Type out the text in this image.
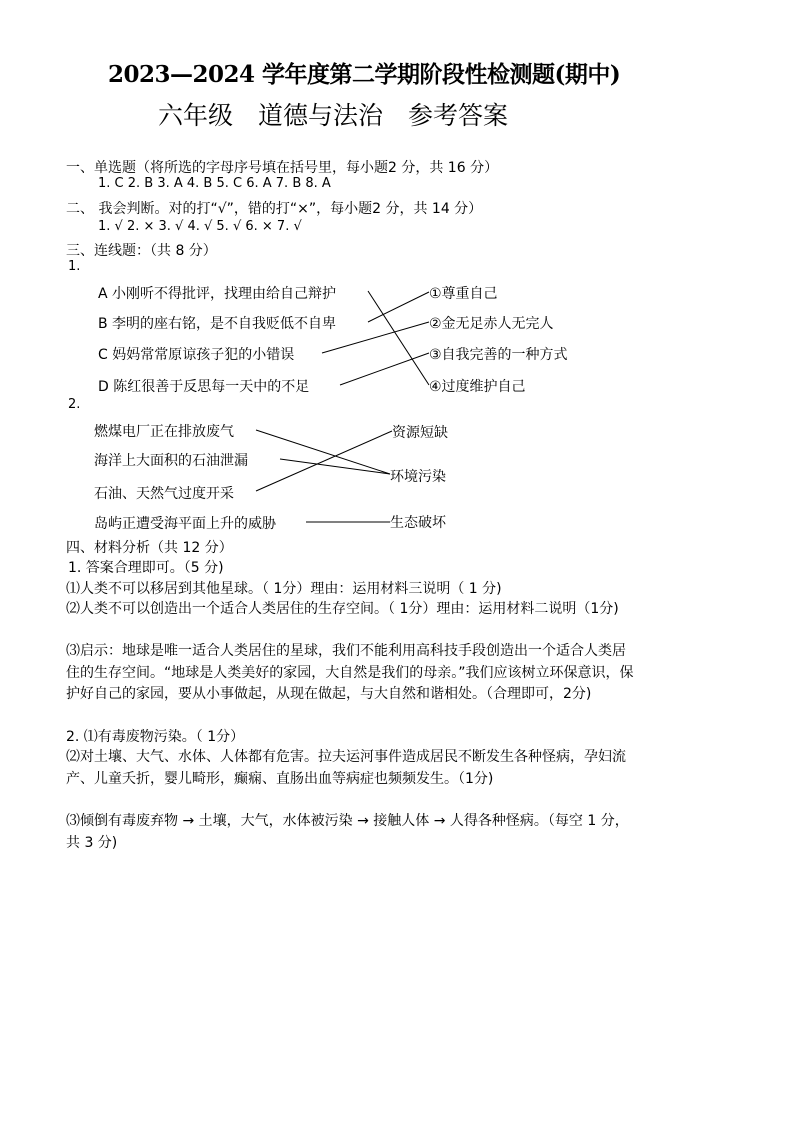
2023—2024 学年度第二学期阶段性检测题(期中)
六年级　道德与法治　参考答案
一、单选题（将所选的字母序号填在括号里，每小题2 分，共 16 分）
1. C 2. B 3. A 4. B 5. C 6. A 7. B 8. A
二、 我会判断。对的打“√”，错的打“×”，每小题2 分，共 14 分）
1. √ 2. × 3. √ 4. √ 5. √ 6. × 7. √
三、连线题：（共 8 分）
1.
A 小刚听不得批评，找理由给自己辩护
B 李明的座右铭，是不自我贬低不自卑
C 妈妈常常原谅孩子犯的小错误
D 陈红很善于反思每一天中的不足
①尊重自己
②金无足赤人无完人
③自我完善的一种方式
④过度维护自己
2.
燃煤电厂正在排放废气
海洋上大面积的石油泄漏
石油、天然气过度开采
岛屿正遭受海平面上升的威胁
资源短缺
环境污染
生态破坏
四、材料分析（共 12 分）
1. 答案合理即可。（5 分)
⑴人类不可以移居到其他星球。（ 1分）理由：运用材料三说明（ 1 分)
⑵人类不可以创造出一个适合人类居住的生存空间。（ 1分）理由：运用材料二说明（1分)
⑶启示：地球是唯一适合人类居住的星球，我们不能利用高科技手段创造出一个适合人类居住的生存空间。“地球是人类美好的家园，大自然是我们的母亲。”我们应该树立环保意识，保护好自己的家园，要从小事做起，从现在做起，与大自然和谐相处。（合理即可，2分)
2. ⑴有毒废物污染。（ 1分）
⑵对土壤、大气、水体、人体都有危害。拉夫运河事件造成居民不断发生各种怪病，孕妇流产、儿童夭折，婴儿畸形，癫痫、直肠出血等病症也频频发生。（1分)
⑶倾倒有毒废弃物 → 土壤，大气，水体被污染 → 接触人体 → 人得各种怪病。（每空 1 分，共 3 分)
